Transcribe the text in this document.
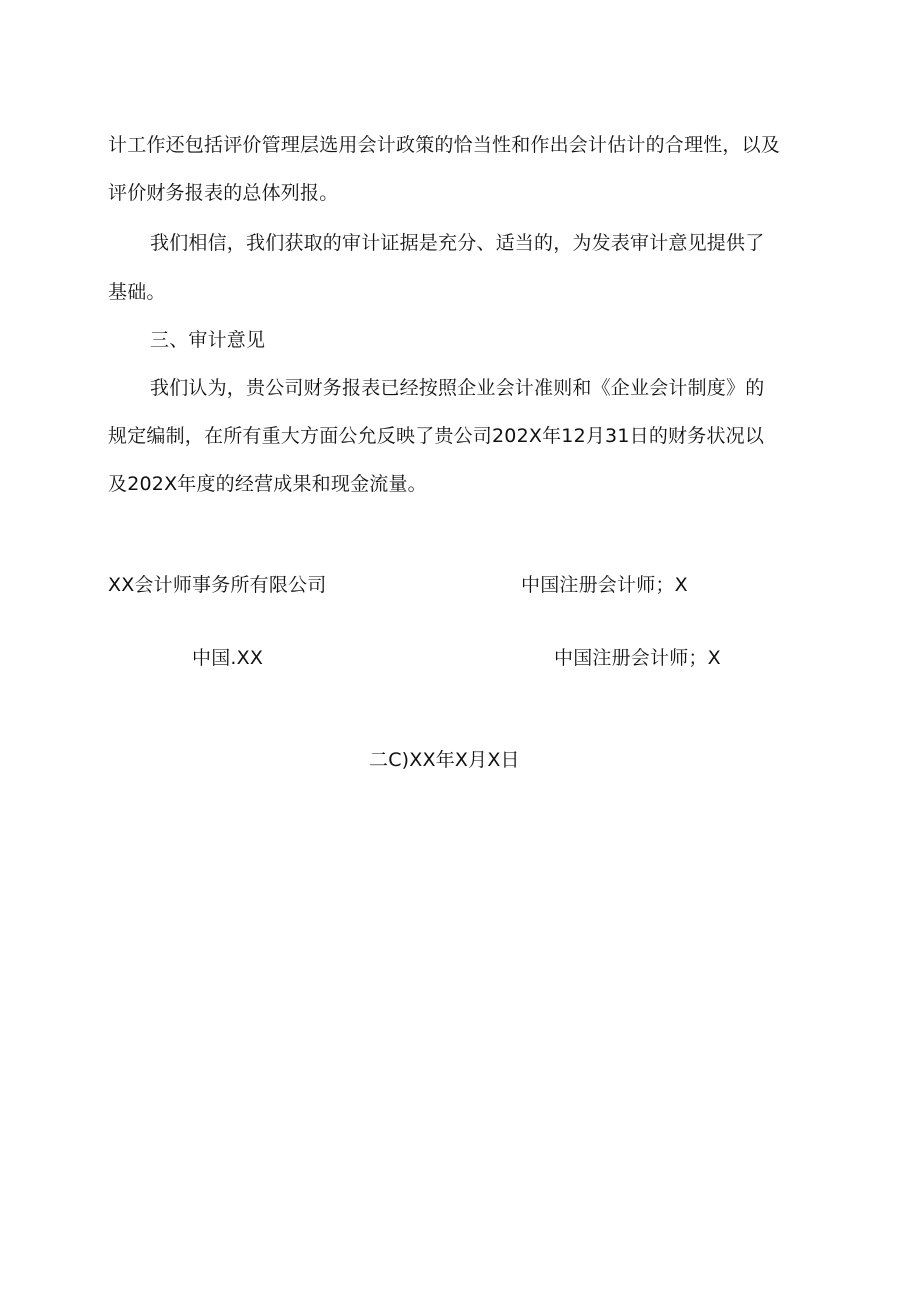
计工作还包括评价管理层选用会计政策的恰当性和作出会计估计的合理性，以及
评价财务报表的总体列报。
我们相信，我们获取的审计证据是充分、适当的，为发表审计意见提供了
基础。
三、审计意见
我们认为，贵公司财务报表已经按照企业会计准则和《企业会计制度》的
规定编制，在所有重大方面公允反映了贵公司202X年12月31日的财务状况以
及202X年度的经营成果和现金流量。
XX会计师事务所有限公司	中国注册会计师；X
中国.XX	中国注册会计师；X
二C)XX年X月X日
